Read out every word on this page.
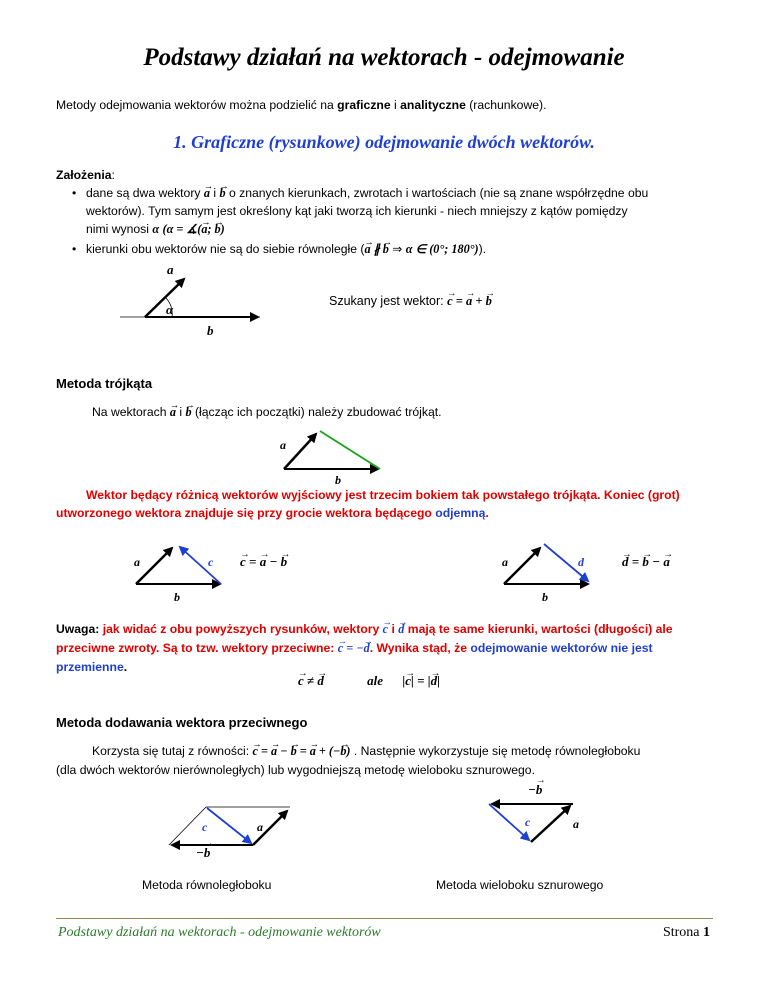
Podstawy działań na wektorach - odejmowanie
Metody odejmowania wektorów można podzielić na graficzne i analityczne (rachunkowe).
1. Graficzne (rysunkowe) odejmowanie dwóch wektorów.
Założenia:
• dane są dwa wektory → a i → b o znanych kierunkach, zwrotach i wartościach (nie są znane współrzędne obu
wektorów). Tym samym jest określony kąt jaki tworzą ich kierunki - niech mniejszy z kątów pomiędzy
nimi wynosi α (α = ∡(→ a; → b)
• kierunki obu wektorów nie są do siebie równoległe (→ a ∦ → b ⇒ α ∈ (0°; 180°)).
α
a
b
Szukany jest wektor: → c = → a + → b
Metoda trójkąta
Na wektorach → a i → b (łącząc ich początki) należy zbudować trójkąt.
a
b
Wektor będący różnicą wektorów wyjściowy jest trzecim bokiem tak powstałego trójkąta. Koniec (grot)
utworzonego wektora znajduje się przy grocie wektora będącego odjemną.
a	c
b
→ c = → a − → b	a	d
b
→ d = → b − → a
Uwaga: jak widać z obu powyższych rysunków, wektory → c i → d mają te same kierunki, wartości (długości) ale
przeciwne zwroty. Są to tzw. wektory przeciwne: → c = −→ d. Wynika stąd, że odejmowanie wektorów nie jest
przemienne.
→ c ≠ → d	ale |→ c| = |→ d|
Metoda dodawania wektora przeciwnego
Korzysta się tutaj z równości: → c = → a − → b = → a + (−→ b) . Następnie wykorzystuje się metodę równoległoboku
(dla dwóch wektorów nierównoległych) lub wygodniejszą metodę wieloboku sznurowego.
c	a
−→ b
−→ b
c	a
Metoda równoległoboku	Metoda wieloboku sznurowego
Podstawy działań na wektorach - odejmowanie wektorów	Strona 1
